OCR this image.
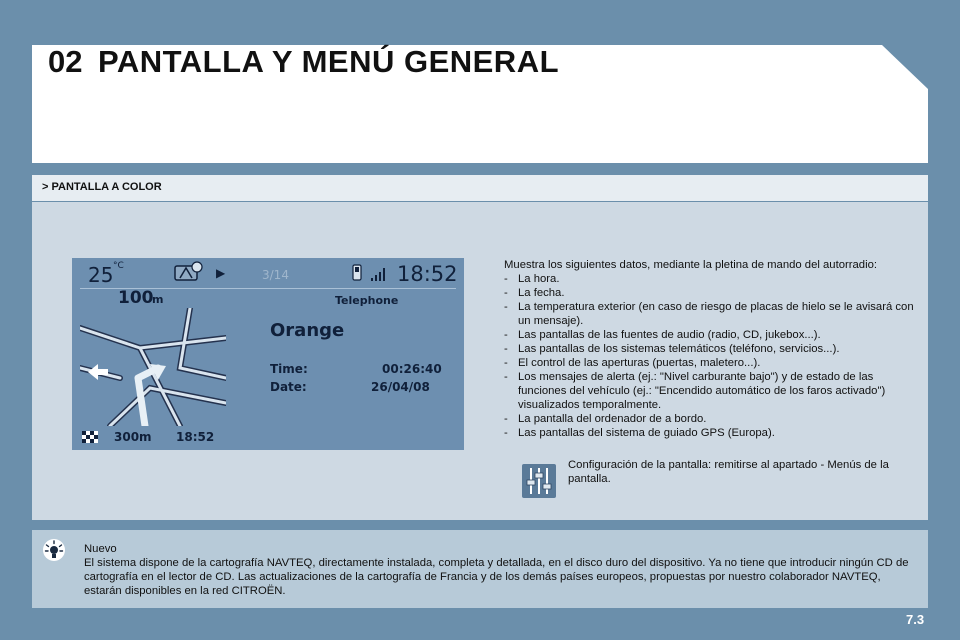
02 PANTALLA Y MENÚ GENERAL
> PANTALLA A COLOR
25 °C	▶	3/14	18:52
100
m	Telephone
Orange
Time:	00:26:40
Date:	26/04/08
300m 18:52

Muestra los siguientes datos, mediante la pletina de mando del autorradio:

- La hora.
- La fecha.
- La temperatura exterior (en caso de riesgo de placas de hielo se le avisará con un mensaje).
- Las pantallas de las fuentes de audio (radio, CD, jukebox...).
- Las pantallas de los sistemas telemáticos (teléfono, servicios...).
- El control de las aperturas (puertas, maletero...).
- Los mensajes de alerta (ej.: "Nivel carburante bajo") y de estado de las funciones del vehículo (ej.: "Encendido automático de los faros activado") visualizados temporalmente.
- La pantalla del ordenador de a bordo.
- Las pantallas del sistema de guiado GPS (Europa).
Configuración de la pantalla: remitirse al apartado - Menús de la pantalla.
Nuevo
El sistema dispone de la cartografía NAVTEQ, directamente instalada, completa y detallada, en el disco duro del dispositivo. Ya no tiene que introducir ningún CD de cartografía en el lector de CD. Las actualizaciones de la cartografía de Francia y de los demás países europeos, propuestas por nuestro colaborador NAVTEQ, estarán disponibles en la red CITROËN.
7.3
